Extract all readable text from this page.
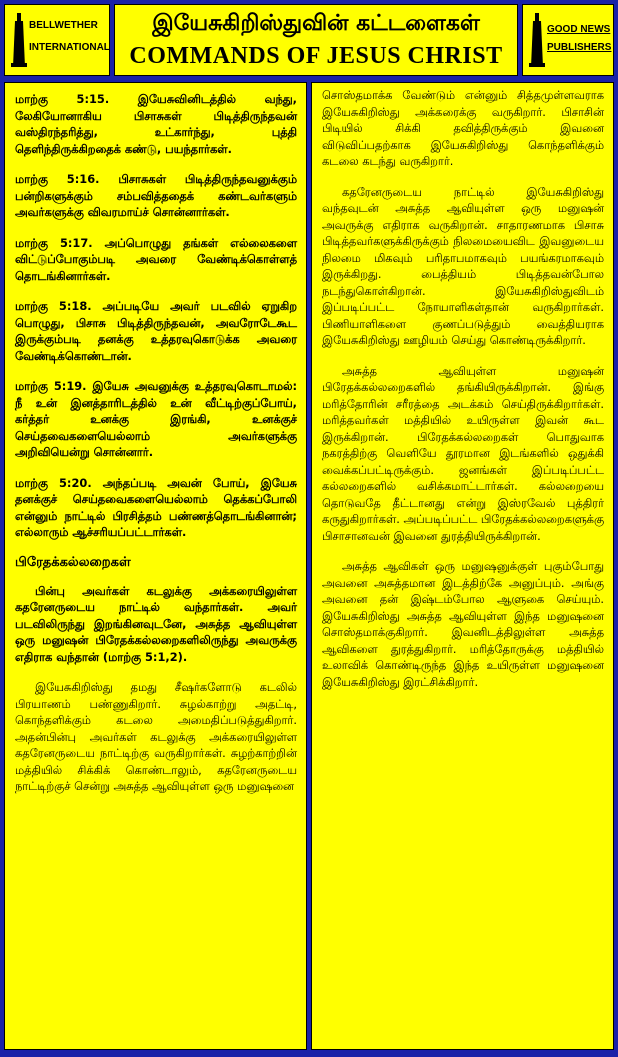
BELLWETHER
INTERNATIONAL
இயேசுகிறிஸ்துவின் கட்டளைகள்
COMMANDS OF JESUS CHRIST
GOOD NEWS
PUBLISHERS

மாற்கு 5:15. இயேசுவினிடத்தில் வந்து, லேகியோனாகிய பிசாசுகள் பிடித்திருந்தவன் வஸ்திரந்தரித்து, உட்கார்ந்து, புத்தி தெளிந்திருக்கிறதைக் கண்டு, பயந்தார்கள்.

மாற்கு 5:16. பிசாசுகள் பிடித்திருந்தவனுக்கும் பன்றிகளுக்கும் சம்பவித்ததைக் கண்டவர்களும் அவர்களுக்கு விவரமாய்ச் சொன்னார்கள்.

மாற்கு 5:17. அப்பொழுது தங்கள் எல்லைகளை விட்டுப்போகும்படி அவரை வேண்டிக்கொள்ளத் தொடங்கினார்கள்.

மாற்கு 5:18. அப்படியே அவர் படவில் ஏறுகிற பொழுது, பிசாசு பிடித்திருந்தவன், அவரோடேகூட இருக்கும்படி தனக்கு உத்தரவுகொடுக்க அவரை வேண்டிக்கொண்டான்.

மாற்கு 5:19. இயேசு அவனுக்கு உத்தரவுகொடாமல்: நீ உன் இனத்தாரிடத்தில் உன் வீட்டிற்குப்போய், கர்த்தர் உனக்கு இரங்கி, உனக்குச் செய்தவைகளையெல்லாம் அவர்களுக்கு அறிவியென்று சொன்னார்.

மாற்கு 5:20. அந்தப்படி அவன் போய், இயேசு தனக்குச் செய்தவைகளையெல்லாம் தெக்கப்போலி என்னும் நாட்டில் பிரசித்தம் பண்ணத்தொடங்கினான்; எல்லாரும் ஆச்சரியப்பட்டார்கள்.

பிரேதக்கல்லறைகள்

பின்பு அவர்கள் கடலுக்கு அக்கரையிலுள்ள கதரேனருடைய நாட்டில் வந்தார்கள். அவர் படவிலிருந்து இறங்கினவுடனே, அசுத்த ஆவியுள்ள ஒரு மனுஷன் பிரேதக்கல்லறைகளிலிருந்து அவருக்கு எதிராக வந்தான் (மாற்கு 5:1,2).

இயேசுகிறிஸ்து தமது சீஷர்களோடு கடலில் பிரயாணம் பண்ணுகிறார். சுழல்காற்று அதட்டி, கொந்தளிக்கும் கடலை அமைதிப்படுத்துகிறார். அதன்பின்பு அவர்கள் கடலுக்கு அக்கரையிலுள்ள கதரேனருடைய நாட்டிற்கு வருகிறார்கள். சுழற்காற்றின் மத்தியில் சிக்கிக் கொண்டாலும், கதரேனருடைய நாட்டிற்குச் சென்று அசுத்த ஆவியுள்ள ஒரு மனுஷனை

சொஸ்தமாக்க வேண்டும் என்னும் சித்தமுள்ளவராக இயேசுகிறிஸ்து அக்கரைக்கு வருகிறார். பிசாசின் பிடியில் சிக்கி தவித்திருக்கும் இவனை விடுவிப்பதற்காக இயேசுகிறிஸ்து கொந்தளிக்கும் கடலை கடந்து வருகிறார்.

கதரேனருடைய நாட்டில் இயேசுகிறிஸ்து வந்தவுடன் அசுத்த ஆவியுள்ள ஒரு மனுஷன் அவருக்கு எதிராக வருகிறான். சாதாரணமாக பிசாசு பிடித்தவர்களுக்கிருக்கும் நிலமையைவிட இவனுடைய நிலமை மிகவும் பரிதாபமாகவும் பயங்கரமாகவும் இருக்கிறது. பைத்தியம் பிடித்தவன்போல நடந்துகொள்கிறான். இயேசுகிறிஸ்துவிடம் இப்படிப்பட்ட நோயாளிகள்தான் வருகிறார்கள். பிணியாளிகளை குணப்படுத்தும் வைத்தியராக இயேசுகிறிஸ்து ஊழியம் செய்து கொண்டிருக்கிறார்.

அசுத்த ஆவியுள்ள மனுஷன் பிரேதக்கல்லறைகளில் தங்கியிருக்கிறான். இங்கு மரித்தோரின் சரீரத்தை அடக்கம் செய்திருக்கிறார்கள். மரித்தவர்கள் மத்தியில் உயிருள்ள இவன் கூட இருக்கிறான். பிரேதக்கல்லறைகள் பொதுவாக நகரத்திற்கு வெளியே தூரமான இடங்களில் ஒதுக்கி வைக்கப்பட்டிருக்கும். ஜனங்கள் இப்படிப்பட்ட கல்லறைகளில் வசிக்கமாட்டார்கள். கல்லறையை தொடுவதே தீட்டானது என்று இஸ்ரவேல் புத்திரர் கருதுகிறார்கள். அப்படிப்பட்ட பிரேதக்கல்லறைகளுக்கு பிசாசானவன் இவனை துரத்தியிருக்கிறான்.

அசுத்த ஆவிகள் ஒரு மனுஷனுக்குள் புகும்போது அவனை அசுத்தமான இடத்திற்கே அனுப்பும். அங்கு அவனை தன் இஷ்டம்போல ஆளுகை செய்யும். இயேசுகிறிஸ்து அசுத்த ஆவியுள்ள இந்த மனுஷனை சொஸ்தமாக்குகிறார். இவனிடத்திலுள்ள அசுத்த ஆவிகளை துரத்துகிறார். மரித்தோருக்கு மத்தியில் உலாவிக் கொண்டிருந்த இந்த உயிருள்ள மனுஷனை இயேசுகிறிஸ்து இரட்சிக்கிறார்.
